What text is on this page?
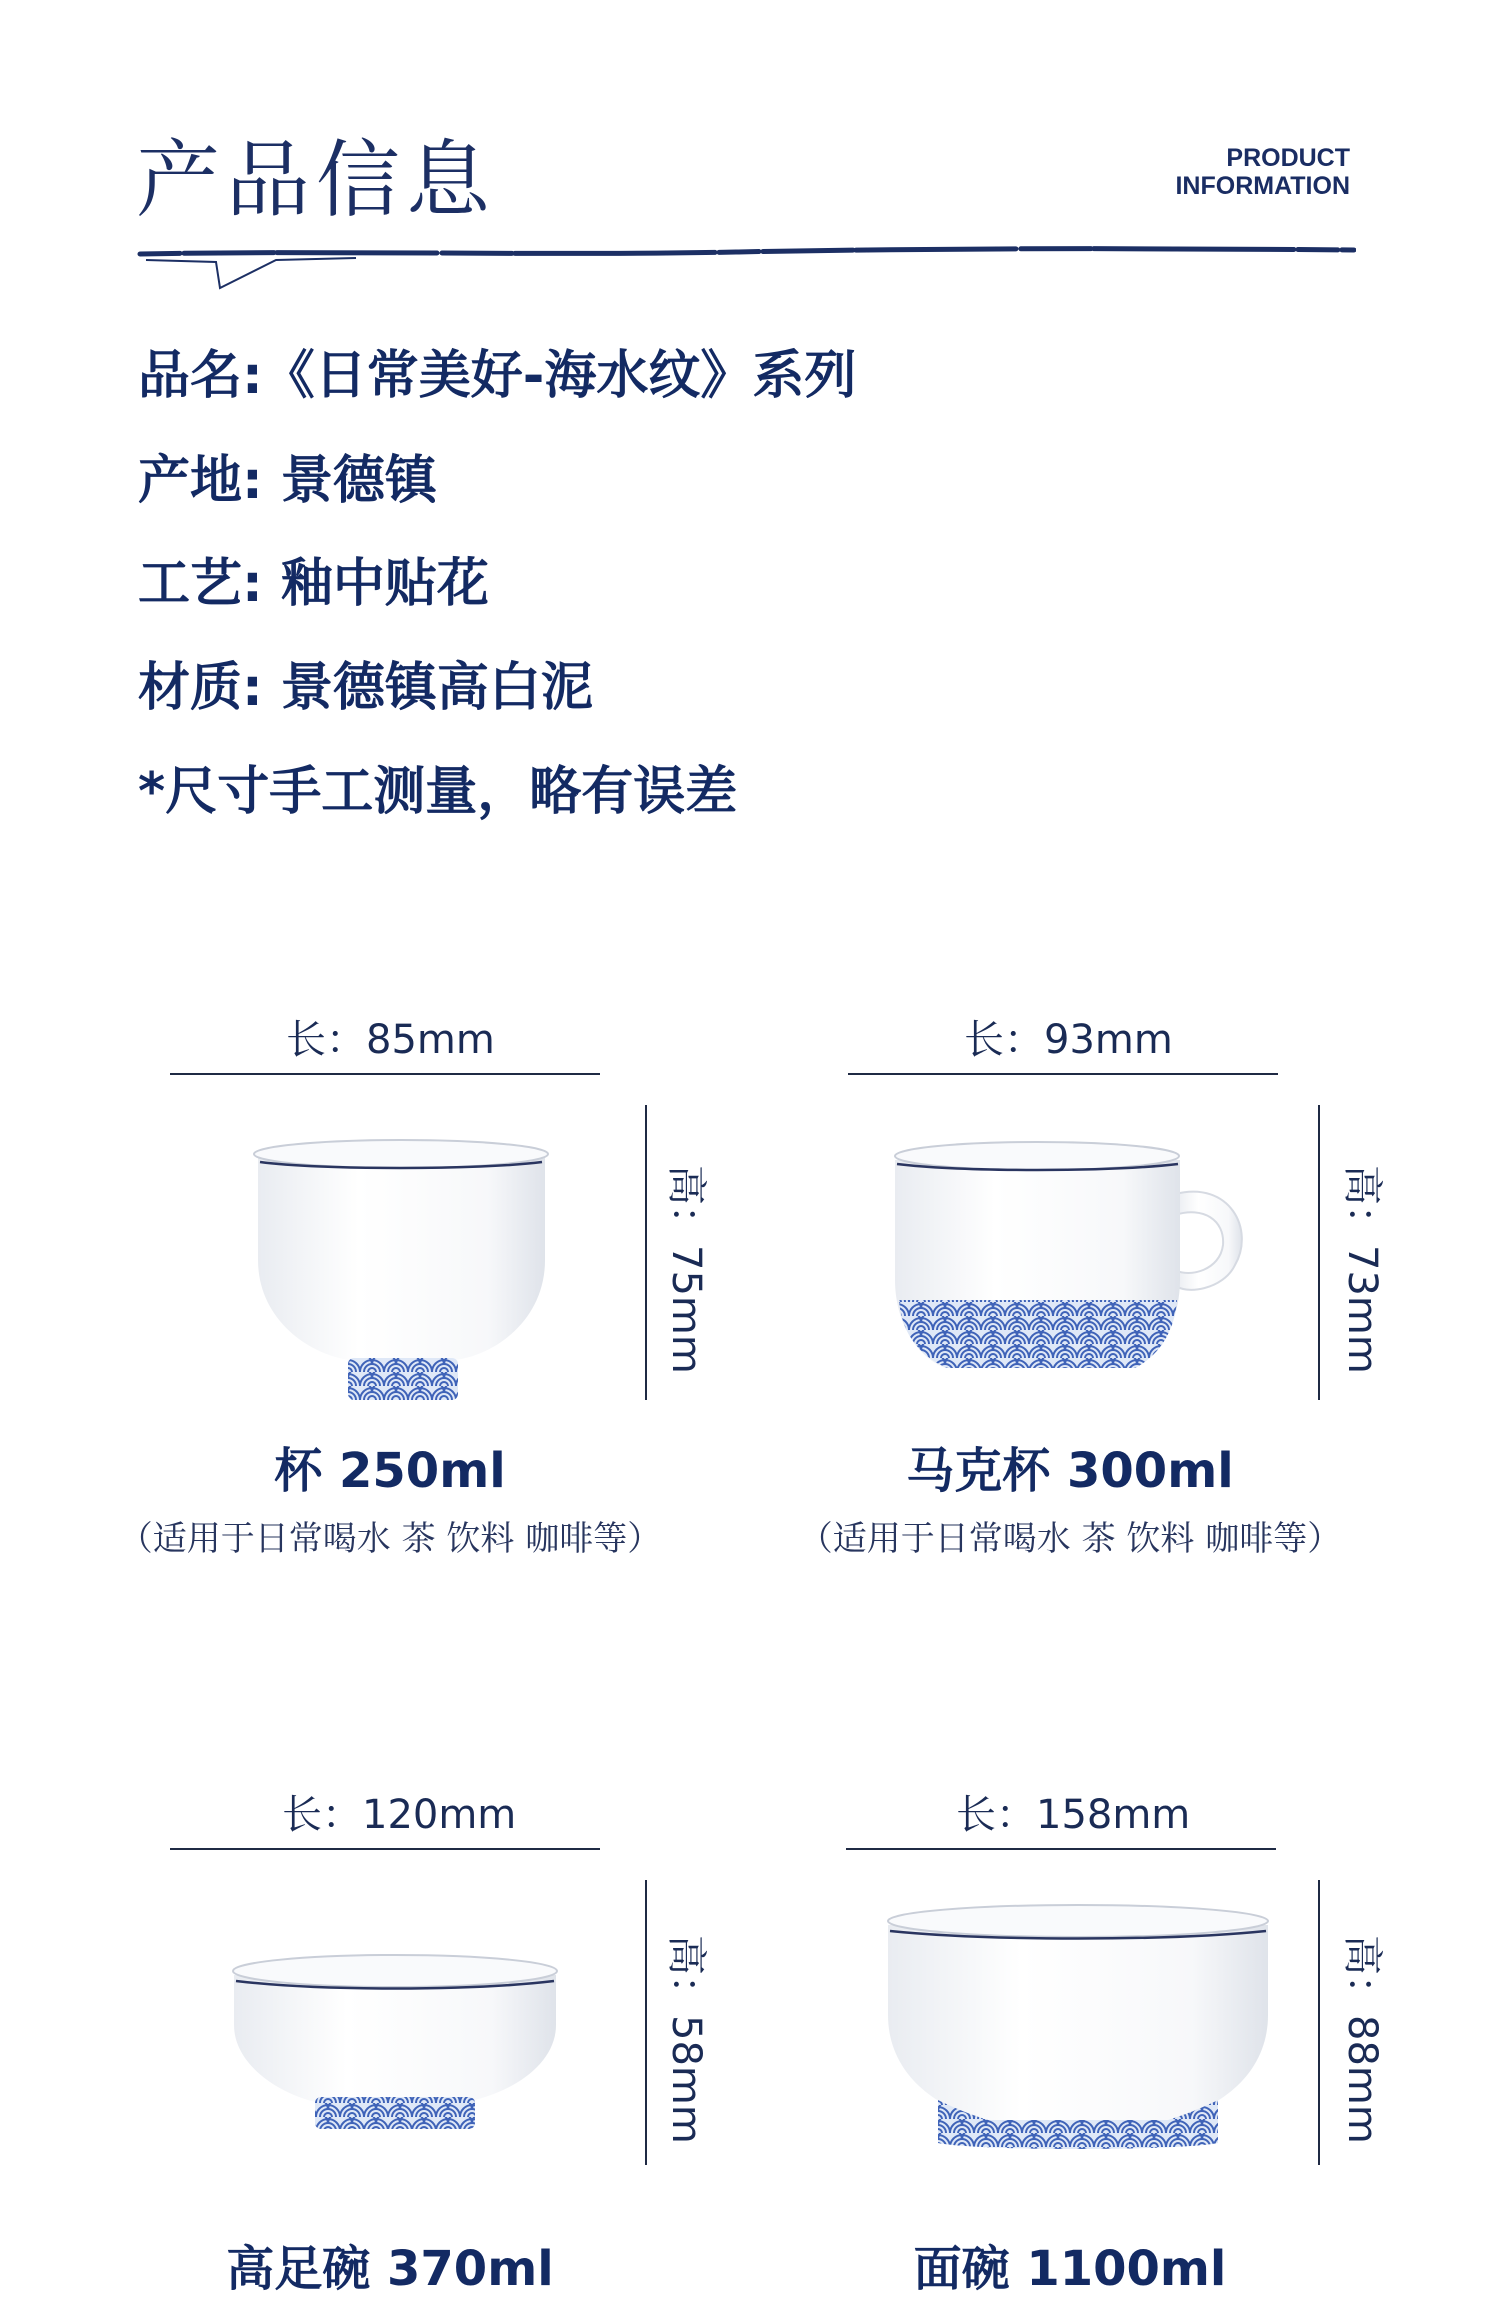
产品信息	PRODUCT
INFORMATION
品名:《日常美好-海水纹》系列
产地: 景德镇
工艺: 釉中贴花
材质: 景德镇高白泥
*尺寸手工测量，略有误差
长：85mm
高：75mm
杯 250ml
（适用于日常喝水 茶 饮料 咖啡等）
长：93mm
高：73mm
马克杯 300ml
（适用于日常喝水 茶 饮料 咖啡等）
长：120mm
高：58mm
高足碗 370ml
长：158mm
高：88mm
面碗 1100ml
